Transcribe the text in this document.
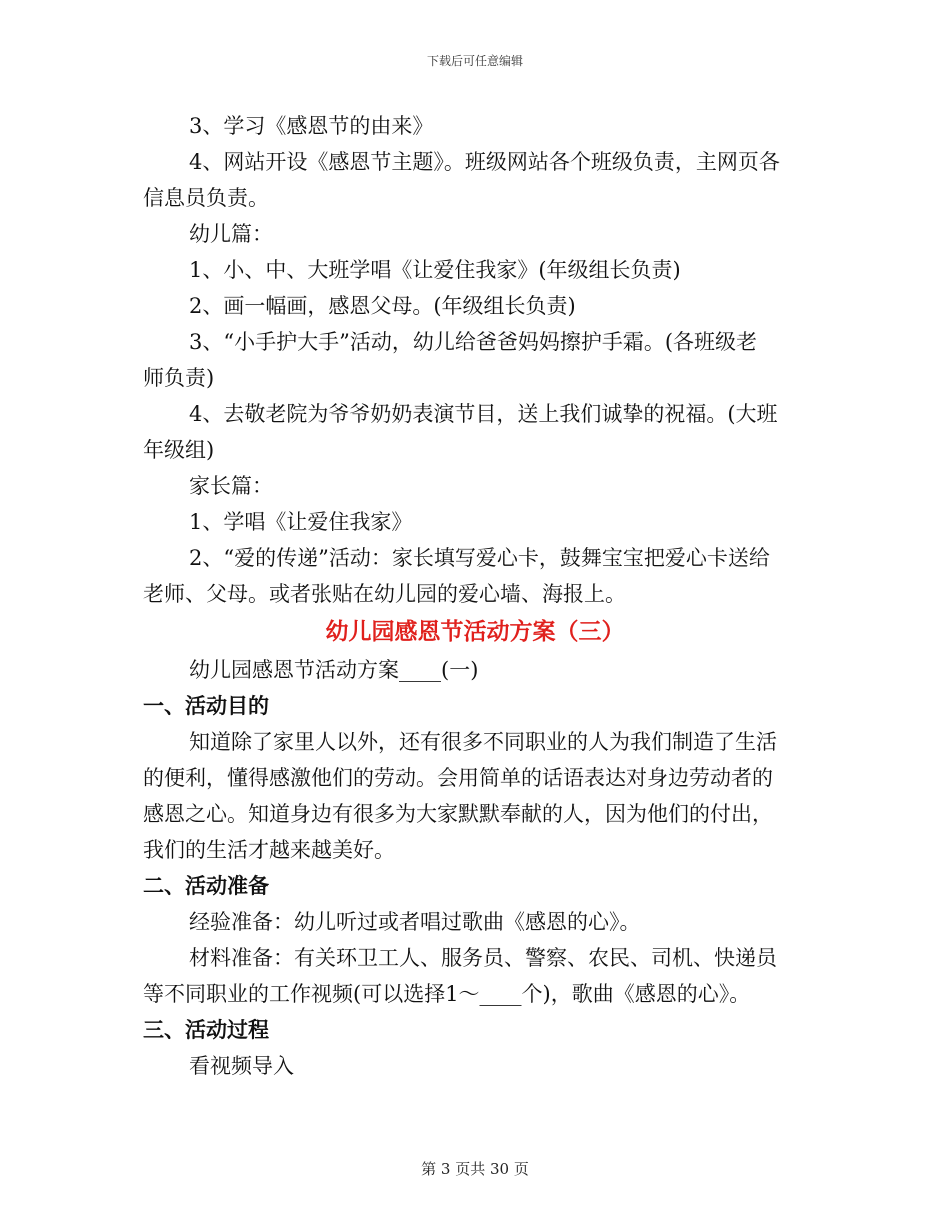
下载后可任意编辑
3、学习《感恩节的由来》
4、网站开设《感恩节主题》。班级网站各个班级负责，主网页各
信息员负责。
幼儿篇：
1、小、中、大班学唱《让爱住我家》(年级组长负责)
2、画一幅画，感恩父母。(年级组长负责)
3、“小手护大手”活动，幼儿给爸爸妈妈擦护手霜。(各班级老
师负责)
4、去敬老院为爷爷奶奶表演节目，送上我们诚挚的祝福。(大班
年级组)
家长篇：
1、学唱《让爱住我家》
2、“爱的传递”活动：家长填写爱心卡，鼓舞宝宝把爱心卡送给
老师、父母。或者张贴在幼儿园的爱心墙、海报上。
幼儿园感恩节活动方案（三）
幼儿园感恩节活动方案____(一)
一、活动目的
知道除了家里人以外，还有很多不同职业的人为我们制造了生活
的便利，懂得感激他们的劳动。会用简单的话语表达对身边劳动者的
感恩之心。知道身边有很多为大家默默奉献的人，因为他们的付出，
我们的生活才越来越美好。
二、活动准备
经验准备：幼儿听过或者唱过歌曲《感恩的心》。
材料准备：有关环卫工人、服务员、警察、农民、司机、快递员
等不同职业的工作视频(可以选择1～____个)，歌曲《感恩的心》。
三、活动过程
看视频导入
第 3 页共 30 页
